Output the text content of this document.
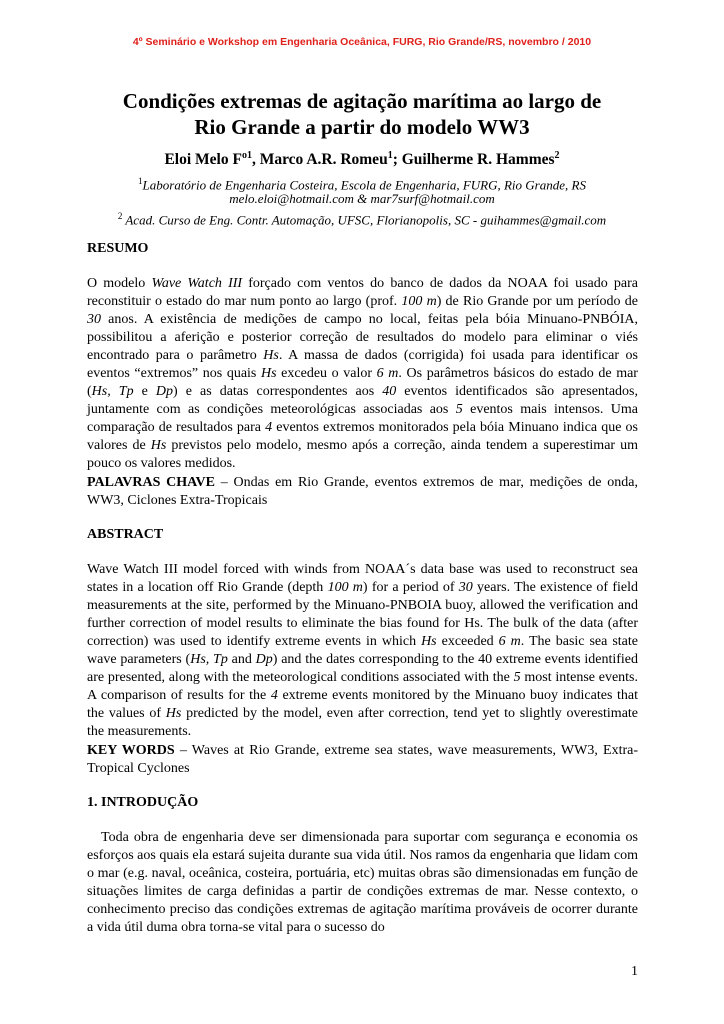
4º Seminário e Workshop em Engenharia Oceânica, FURG, Rio Grande/RS, novembro / 2010
Condições extremas de agitação marítima ao largo de
Rio Grande a partir do modelo WW3
Eloi Melo $F^{o1}$, Marco A.R. Romeu$^1$; Guilherme R. Hammes$^2$
$^1$Laboratório de Engenharia Costeira, Escola de Engenharia, FURG, Rio Grande, RS
melo.eloi@hotmail.com & mar7surf@hotmail.com
$^2$ Acad. Curso de Eng. Contr. Automação, UFSC, Florianopolis, SC - guihammes@gmail.com
RESUMO
O modelo Wave Watch III forçado com ventos do banco de dados da NOAA foi usado para reconstituir o estado do mar num ponto ao largo (prof. 100 m) de Rio Grande por um período de 30 anos. A existência de medições de campo no local, feitas pela bóia Minuano-PNBÓIA, possibilitou a aferição e posterior correção de resultados do modelo para eliminar o viés encontrado para o parâmetro Hs. A massa de dados (corrigida) foi usada para identificar os eventos “extremos” nos quais Hs excedeu o valor 6 m. Os parâmetros básicos do estado de mar (Hs, Tp e Dp) e as datas correspondentes aos 40 eventos identificados são apresentados, juntamente com as condições meteorológicas associadas aos 5 eventos mais intensos. Uma comparação de resultados para 4 eventos extremos monitorados pela bóia Minuano indica que os valores de Hs previstos pelo modelo, mesmo após a correção, ainda tendem a superestimar um pouco os valores medidos.
PALAVRAS CHAVE – Ondas em Rio Grande, eventos extremos de mar, medições de onda, WW3, Ciclones Extra-Tropicais
ABSTRACT
Wave Watch III model forced with winds from NOAA´s data base was used to reconstruct sea states in a location off Rio Grande (depth 100 m) for a period of 30 years. The existence of field measurements at the site, performed by the Minuano-PNBOIA buoy, allowed the verification and further correction of model results to eliminate the bias found for Hs. The bulk of the data (after correction) was used to identify extreme events in which Hs exceeded 6 m. The basic sea state wave parameters (Hs, Tp and Dp) and the dates corresponding to the 40 extreme events identified are presented, along with the meteorological conditions associated with the 5 most intense events. A comparison of results for the 4 extreme events monitored by the Minuano buoy indicates that the values of Hs predicted by the model, even after correction, tend yet to slightly overestimate the measurements.
KEY WORDS – Waves at Rio Grande, extreme sea states, wave measurements, WW3, Extra-Tropical Cyclones
1. INTRODUÇÃO
Toda obra de engenharia deve ser dimensionada para suportar com segurança e economia os esforços aos quais ela estará sujeita durante sua vida útil. Nos ramos da engenharia que lidam com o mar (e.g. naval, oceânica, costeira, portuária, etc) muitas obras são dimensionadas em função de situações limites de carga definidas a partir de condições extremas de mar. Nesse contexto, o conhecimento preciso das condições extremas de agitação marítima prováveis de ocorrer durante a vida útil duma obra torna-se vital para o sucesso do
1
